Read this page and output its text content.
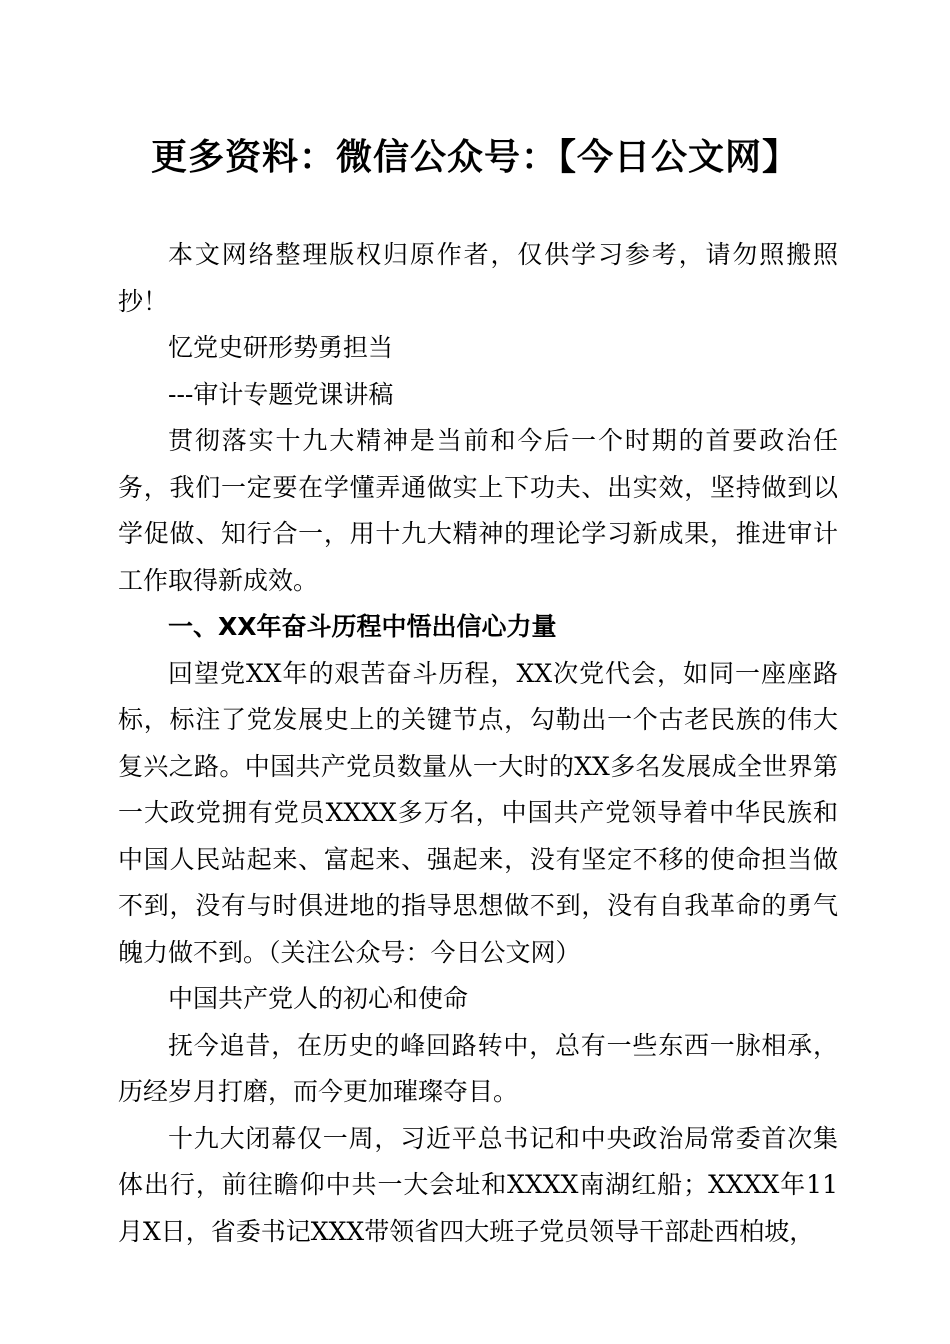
更多资料：微信公众号：【今日公文网】

本文网络整理版权归原作者，仅供学习参考，请勿照搬照抄！

忆党史研形势勇担当

---审计专题党课讲稿

贯彻落实十九大精神是当前和今后一个时期的首要政治任务，我们一定要在学懂弄通做实上下功夫、出实效，坚持做到以学促做、知行合一，用十九大精神的理论学习新成果，推进审计工作取得新成效。

一、XX年奋斗历程中悟出信心力量

回望党XX年的艰苦奋斗历程，XX次党代会，如同一座座路标，标注了党发展史上的关键节点，勾勒出一个古老民族的伟大复兴之路。中国共产党员数量从一大时的XX多名发展成全世界第一大政党拥有党员XXXX多万名，中国共产党领导着中华民族和中国人民站起来、富起来、强起来，没有坚定不移的使命担当做不到，没有与时俱进地的指导思想做不到，没有自我革命的勇气魄力做不到。（关注公众号：今日公文网）

中国共产党人的初心和使命

抚今追昔，在历史的峰回路转中，总有一些东西一脉相承，历经岁月打磨，而今更加璀璨夺目。

十九大闭幕仅一周，习近平总书记和中央政治局常委首次集体出行，前往瞻仰中共一大会址和XXXX南湖红船；XXXX年11月X日，省委书记XXX带领省四大班子党员领导干部赴西柏坡，
